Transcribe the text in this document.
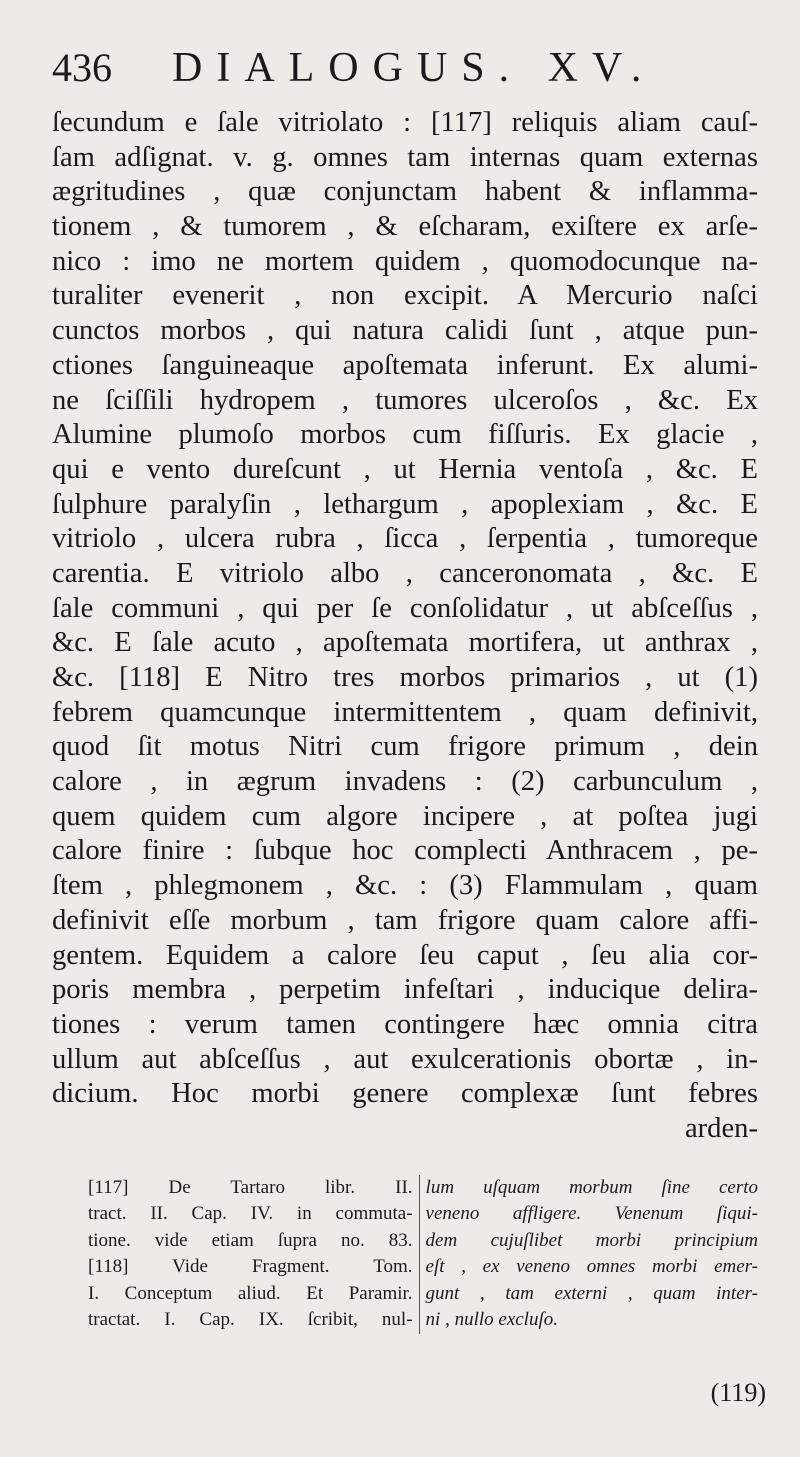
436	DIALOGUS. XV.
ſecundum e ſale vitriolato : [117] reliquis aliam cauſ-
ſam adſignat. v. g. omnes tam internas quam externas
ægritudines , quæ conjunctam habent & inflamma-
tionem , & tumorem , & eſcharam, exiſtere ex arſe-
nico : imo ne mortem quidem , quomodocunque na-
turaliter evenerit , non excipit. A Mercurio naſci
cunctos morbos , qui natura calidi ſunt , atque pun-
ctiones ſanguineaque apoſtemata inferunt. Ex alumi-
ne ſciſſili hydropem , tumores ulceroſos , &c. Ex
Alumine plumoſo morbos cum fiſſuris. Ex glacie ,
qui e vento dureſcunt , ut Hernia ventoſa , &c. E
ſulphure paralyſin , lethargum , apoplexiam , &c. E
vitriolo , ulcera rubra , ſicca , ſerpentia , tumoreque
carentia. E vitriolo albo , canceronomata , &c. E
ſale communi , qui per ſe conſolidatur , ut abſceſſus ,
&c. E ſale acuto , apoſtemata mortifera, ut anthrax ,
&c. [118] E Nitro tres morbos primarios , ut (1)
febrem quamcunque intermittentem , quam definivit,
quod ſit motus Nitri cum frigore primum , dein
calore , in ægrum invadens : (2) carbunculum ,
quem quidem cum algore incipere , at poſtea jugi
calore finire : ſubque hoc complecti Anthracem , pe-
ſtem , phlegmonem , &c. : (3) Flammulam , quam
definivit eſſe morbum , tam frigore quam calore affi-
gentem. Equidem a calore ſeu caput , ſeu alia cor-
poris membra , perpetim infeſtari , inducique delira-
tiones : verum tamen contingere hæc omnia citra
ullum aut abſceſſus , aut exulcerationis obortæ , in-
dicium. Hoc morbi genere complexæ ſunt febres
arden-
[117] De Tartaro libr. II.
tract. II. Cap. IV. in commuta-
tione. vide etiam ſupra no. 83.
[118] Vide Fragment. Tom.
I. Conceptum aliud. Et Paramir.
tractat. I. Cap. IX. ſcribit, nul-
lum uſquam morbum ſine certo
veneno affligere. Venenum ſiqui-
dem cujuſlibet morbi principium
eſt , ex veneno omnes morbi emer-
gunt , tam externi , quam inter-
ni , nullo excluſo.
(119)
